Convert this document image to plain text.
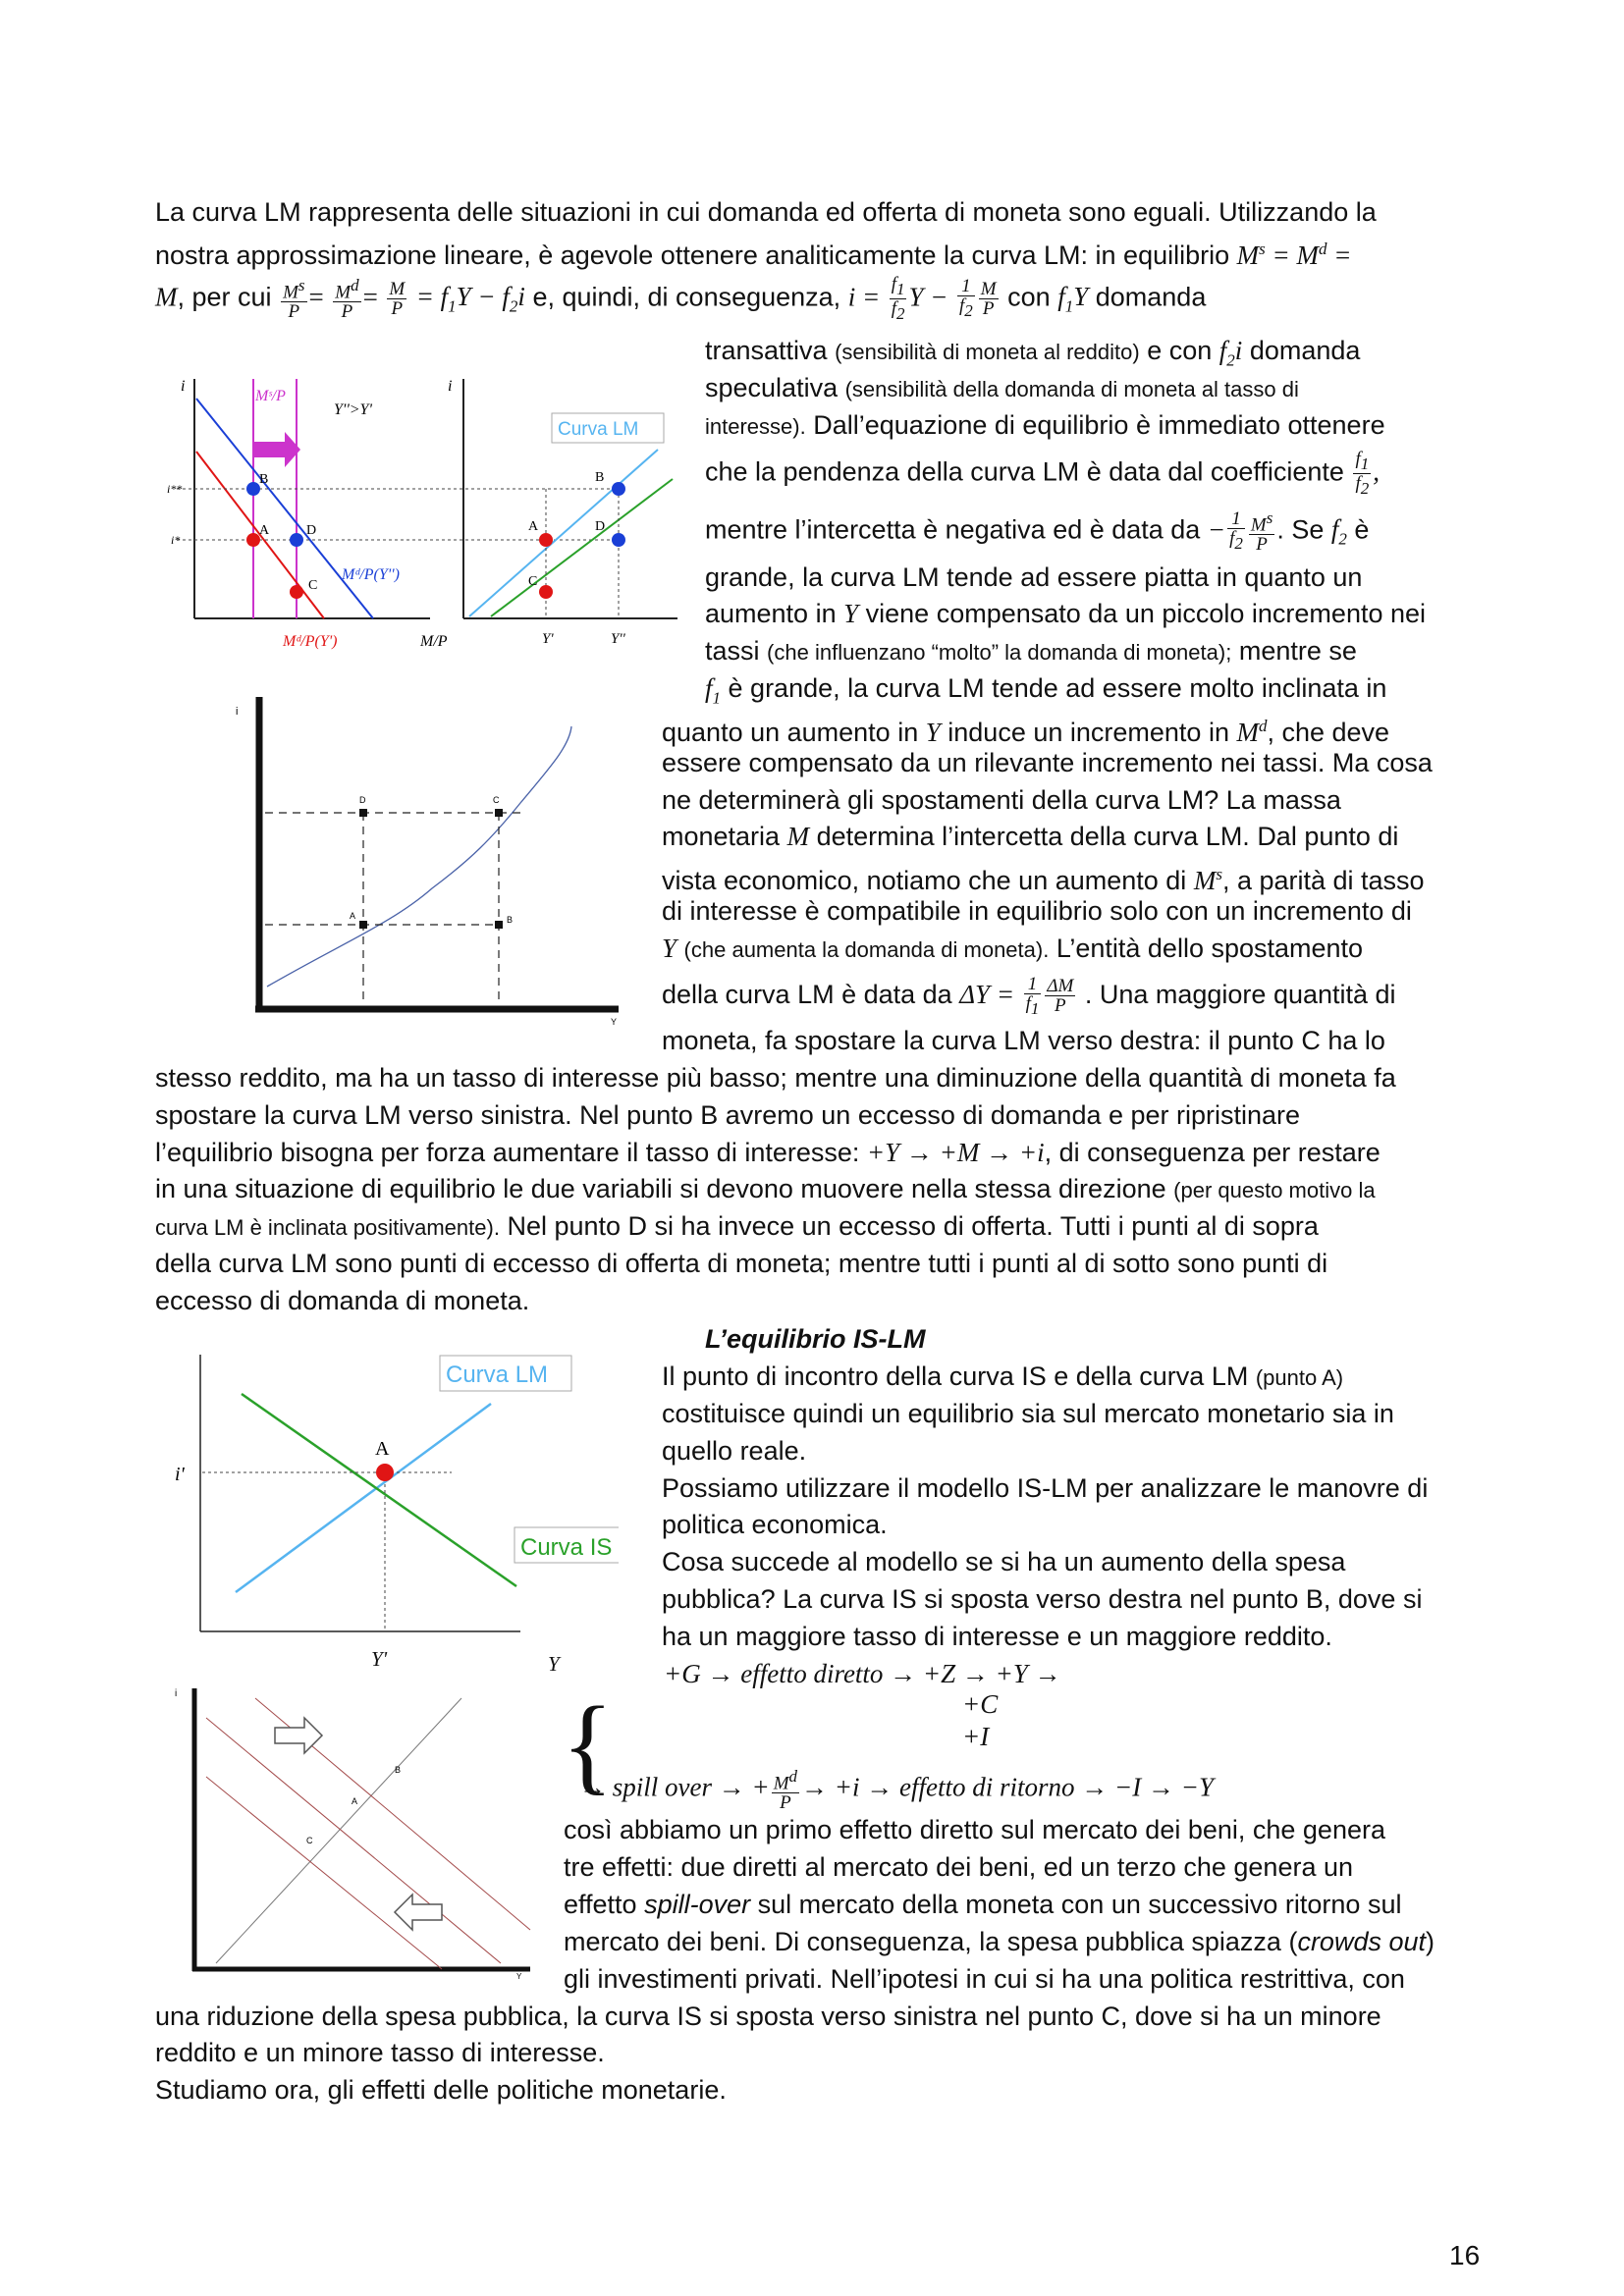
La curva LM rappresenta delle situazioni in cui domanda ed offerta di moneta sono eguali. Utilizzando la
nostra approssimazione lineare, è agevole ottenere analiticamente la curva LM: in equilibrio $M^s = M^d$ =
M, per cui $\frac{M^s}{P} = \frac{M^d}{P} = \frac{M}{P} = f_1Y - f_2i$ e, quindi, di conseguenza, $i = \frac{f_1}{f_2}$ $Y - \frac{1}{f_2} \frac{M}{P}$ con $f_1Y$ domanda
transattiva (sensibilità di moneta al reddito) e con $f_2i$ domanda
speculativa (sensibilità della domanda di moneta al tasso di
interesse). Dall’equazione di equilibrio è immediato ottenere
che la pendenza della curva LM è data dal coefficiente $\frac{f_1}{f_2}$ ,
mentre l’intercetta è negativa ed è data da − $\frac{1}{f_2} \frac{M^s}{P}$ . Se $f_2$ è
grande, la curva LM tende ad essere piatta in quanto un
aumento in Y viene compensato da un piccolo incremento nei
tassi (che influenzano “molto” la domanda di moneta); mentre se
$f_1$ è grande, la curva LM tende ad essere molto inclinata in
quanto un aumento in Y induce un incremento in $M^d$, che deve
essere compensato da un rilevante incremento nei tassi. Ma cosa
ne determinerà gli spostamenti della curva LM? La massa
monetaria M determina l’intercetta della curva LM. Dal punto di
vista economico, notiamo che un aumento di $M^s$, a parità di tasso
di interesse è compatibile in equilibrio solo con un incremento di
Y (che aumenta la domanda di moneta). L’entità dello spostamento
della curva LM è data da $\Delta Y = \frac{1}{f_1} \frac{\Delta M}{P}$ . Una maggiore quantità di
moneta, fa spostare la curva LM verso destra: il punto C ha lo
stesso reddito, ma ha un tasso di interesse più basso; mentre una diminuzione della quantità di moneta fa
spostare la curva LM verso sinistra. Nel punto B avremo un eccesso di domanda e per ripristinare
l’equilibrio bisogna per forza aumentare il tasso di interesse: +Y → +M → +i, di conseguenza per restare
in una situazione di equilibrio le due variabili si devono muovere nella stessa direzione (per questo motivo la
curva LM è inclinata positivamente). Nel punto D si ha invece un eccesso di offerta. Tutti i punti al di sopra
della curva LM sono punti di eccesso di offerta di moneta; mentre tutti i punti al di sotto sono punti di
eccesso di domanda di moneta.
L’equilibrio IS-LM
Il punto di incontro della curva IS e della curva LM (punto A)
costituisce quindi un equilibrio sia sul mercato monetario sia in
quello reale.
Possiamo utilizzare il modello IS-LM per analizzare le manovre di
politica economica.
Cosa succede al modello se si ha un aumento della spesa
pubblica? La curva IS si sposta verso destra nel punto B, dove si
ha un maggiore tasso di interesse e un maggiore reddito.
+G → effetto diretto → +Z → +Y →
+C
+I
{
→ spill over → + $\frac{M^d}{P} \to +i$ → effetto di ritorno → −I → −Y
così abbiamo un primo effetto diretto sul mercato dei beni, che genera
tre effetti: due diretti al mercato dei beni, ed un terzo che genera un
effetto spill-over sul mercato della moneta con un successivo ritorno sul
mercato dei beni. Di conseguenza, la spesa pubblica spiazza (crowds out)
gli investimenti privati. Nell’ipotesi in cui si ha una politica restrittiva, con
una riduzione della spesa pubblica, la curva IS si sposta verso sinistra nel punto C, dove si ha un minore
reddito e un minore tasso di interesse.
Studiamo ora, gli effetti delle politiche monetarie.
16
i
Mˢ/P
Y''>Y'
i**
i*
B
A	D
C
Mᵈ/P(Y'')
Mᵈ/P(Y')	M/P
i
Curva LM
B
A	D
C
Y'	Y''
i
Y
D	C
A	B
i'
Curva LM
Curva IS
A
Y'	Y
i
Y
B
A
C
